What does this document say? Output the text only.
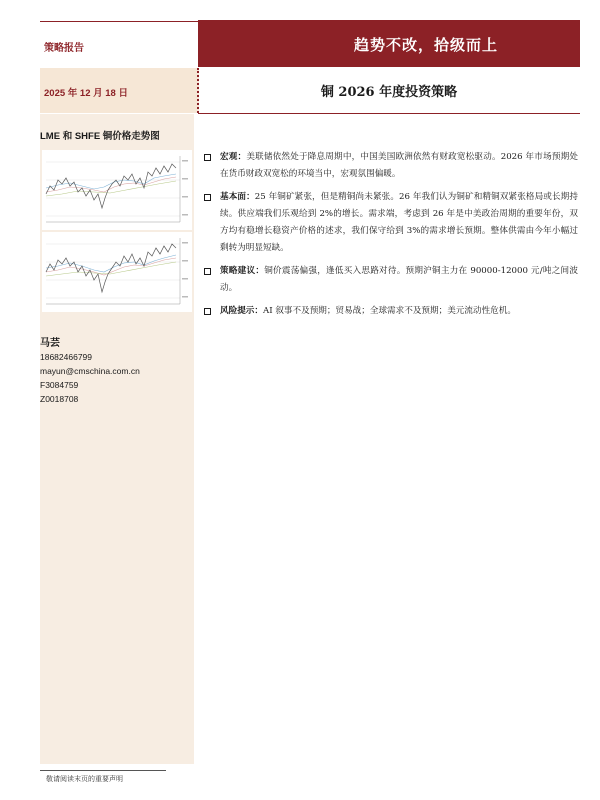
策略报告	趋势不改，拾级而上
2025 年 12 月 18 日	铜 2026 年度投资策略
LME 和 SHFE 铜价格走势图
马芸
18682466799
mayun@cmschina.com.cn
F3084759
Z0018708
宏观：美联储依然处于降息周期中，中国美国欧洲依然有财政宽松驱动。2026 年市场预期处在货币财政双宽松的环境当中，宏观氛围偏暖。
基本面：25 年铜矿紧张，但是精铜尚未紧张。26 年我们认为铜矿和精铜双紧张格局或长期持续。供应端我们乐观给到 2%的增长。需求端，考虑到 26 年是中美政治周期的重要年份，双方均有稳增长稳资产价格的述求，我们保守给到 3%的需求增长预期。整体供需由今年小幅过剩转为明显短缺。
策略建议：铜价震荡偏强，逢低买入思路对待。预期沪铜主力在 90000-12000 元/吨之间波动。
风险提示：AI 叙事不及预期；贸易战；全球需求不及预期；美元流动性危机。
敬请阅读末页的重要声明
